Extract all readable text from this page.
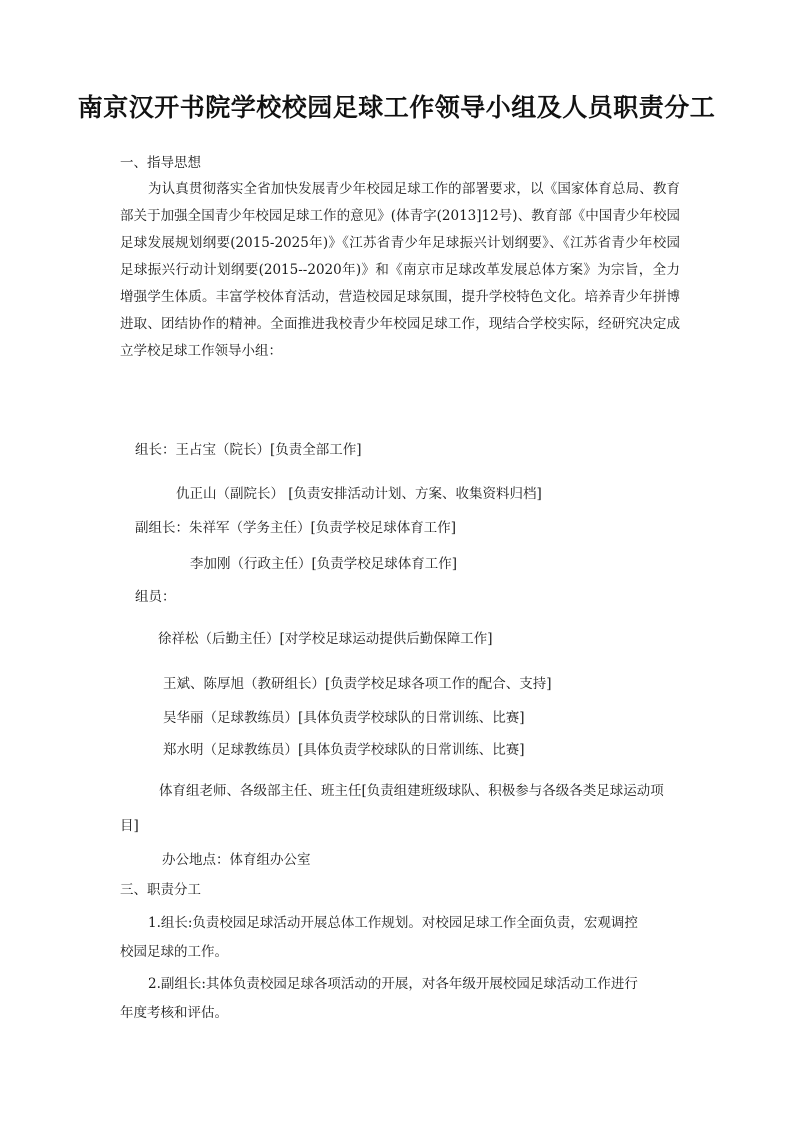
南京汉开书院学校校园足球工作领导小组及人员职责分工
一、指导思想
为认真贯彻落实全省加快发展青少年校园足球工作的部署要求，以《国家体育总局、教育部关于加强全国青少年校园足球工作的意见》(体青字(2013]12号)、教育部《中国青少年校园足球发展规划纲要(2015-2025年)》《江苏省青少年足球振兴计划纲要》、《江苏省青少年校园足球振兴行动计划纲要(2015--2020年)》和《南京市足球改革发展总体方案》为宗旨，全力增强学生体质。丰富学校体育活动，营造校园足球氛围，提升学校特色文化。培养青少年拼博进取、团结协作的精神。全面推进我校青少年校园足球工作，现结合学校实际，经研究决定成立学校足球工作领导小组：
组长：王占宝（院长）[负责全部工作]
仇正山（副院长） [负责安排活动计划、方案、收集资料归档]
副组长：朱祥军（学务主任）[负责学校足球体育工作]
李加刚（行政主任）[负责学校足球体育工作]
组员：
徐祥松（后勤主任）[对学校足球运动提供后勤保障工作]
王斌、陈厚旭（教研组长）[负责学校足球各项工作的配合、支持]
吴华丽（足球教练员）[具体负责学校球队的日常训练、比赛]
郑水明（足球教练员）[具体负责学校球队的日常训练、比赛]
体育组老师、各级部主任、班主任[负责组建班级球队、积极参与各级各类足球运动项
目]
办公地点：体育组办公室
三、职责分工
1.组长:负责校园足球活动开展总体工作规划。对校园足球工作全面负责，宏观调控
校园足球的工作。
2.副组长:其体负责校园足球各项活动的开展，对各年级开展校园足球活动工作进行
年度考核和评估。
